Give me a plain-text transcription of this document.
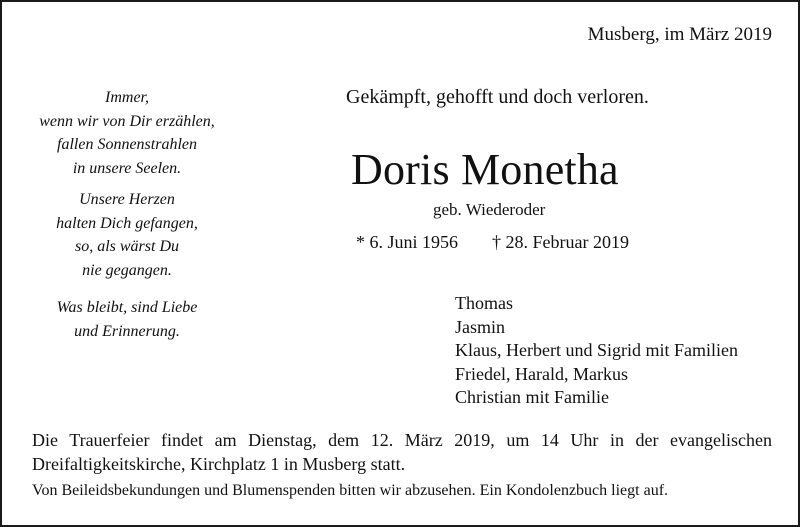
Musberg, im März 2019
Immer,
wenn wir von Dir erzählen,
fallen Sonnenstrahlen
in unsere Seelen.
Unsere Herzen
halten Dich gefangen,
so, als wärst Du
nie gegangen.
Was bleibt, sind Liebe
und Erinnerung.
Gekämpft, gehofft und doch verloren.
Doris Monetha
geb. Wiederoder
* 6. Juni 1956 † 28. Februar 2019
Thomas
Jasmin
Klaus, Herbert und Sigrid mit Familien
Friedel, Harald, Markus
Christian mit Familie
Die Trauerfeier findet am Dienstag, dem 12. März 2019, um 14 Uhr in der evangelischen
Dreifaltigkeitskirche, Kirchplatz 1 in Musberg statt.
Von Beileidsbekundungen und Blumenspenden bitten wir abzusehen. Ein Kondolenzbuch liegt auf.
